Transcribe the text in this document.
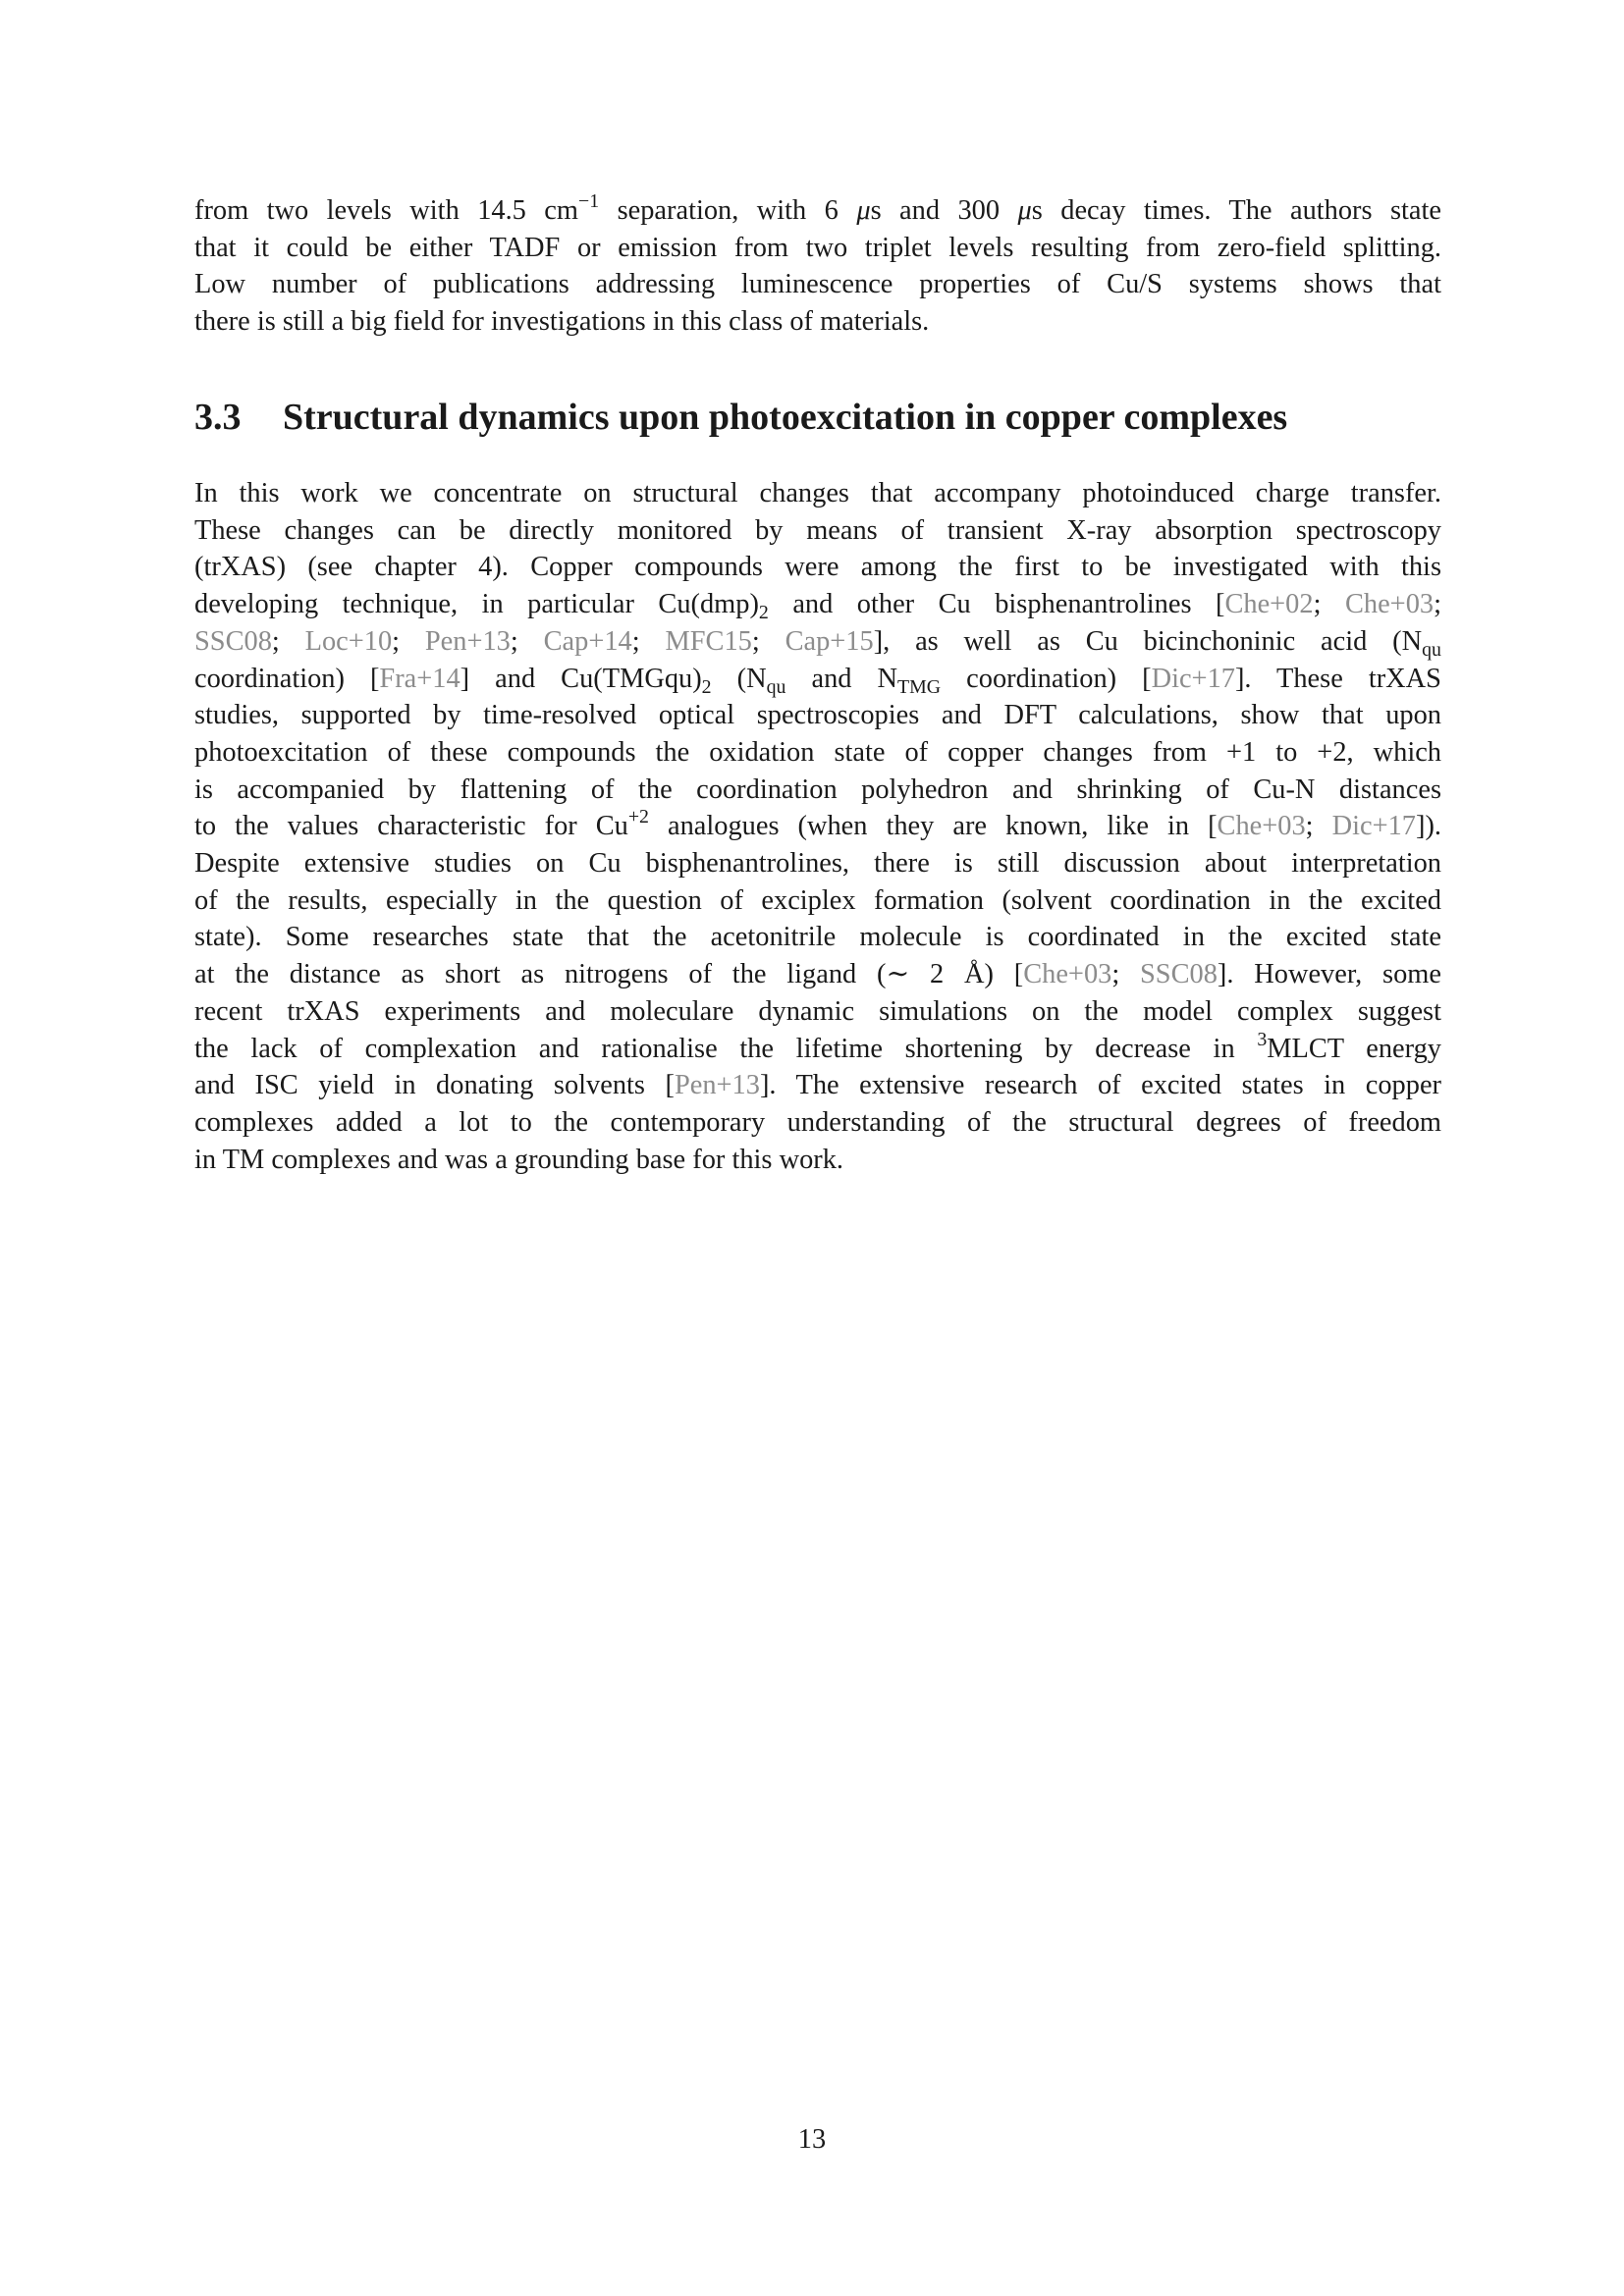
from two levels with 14.5 $cm^{-1}$ separation, with 6 μs and 300 μs decay times. The authors state
that it could be either TADF or emission from two triplet levels resulting from zero-field splitting.
Low number of publications addressing luminescence properties of Cu/S systems shows that
there is still a big field for investigations in this class of materials.
3.3 Structural dynamics upon photoexcitation in copper complexes
In this work we concentrate on structural changes that accompany photoinduced charge transfer.
These changes can be directly monitored by means of transient X-ray absorption spectroscopy
(trXAS) (see chapter 4). Copper compounds were among the first to be investigated with this
developing technique, in particular $Cu(dmp)_2$ and other Cu bisphenantrolines [Che+02; Che+03;
SSC08; Loc+10; Pen+13; Cap+14; MFC15; Cap+15], as well as Cu bicinchoninic acid ($N_{qu}$
coordination) [Fra+14] and $Cu(TMGqu)_2$ ($N_{qu}$ and $N_{TMG}$ coordination) [Dic+17]. These trXAS
studies, supported by time-resolved optical spectroscopies and DFT calculations, show that upon
photoexcitation of these compounds the oxidation state of copper changes from +1 to +2, which
is accompanied by flattening of the coordination polyhedron and shrinking of Cu-N distances
to the values characteristic for $Cu^{+2}$ analogues (when they are known, like in [Che+03; Dic+17]).
Despite extensive studies on Cu bisphenantrolines, there is still discussion about interpretation
of the results, especially in the question of exciplex formation (solvent coordination in the excited
state). Some researches state that the acetonitrile molecule is coordinated in the excited state
at the distance as short as nitrogens of the ligand (∼ 2 Å) [Che+03; SSC08]. However, some
recent trXAS experiments and moleculare dynamic simulations on the model complex suggest
the lack of complexation and rationalise the lifetime shortening by decrease in $^3$MLCT energy
and ISC yield in donating solvents [Pen+13]. The extensive research of excited states in copper
complexes added a lot to the contemporary understanding of the structural degrees of freedom
in TM complexes and was a grounding base for this work.
13
